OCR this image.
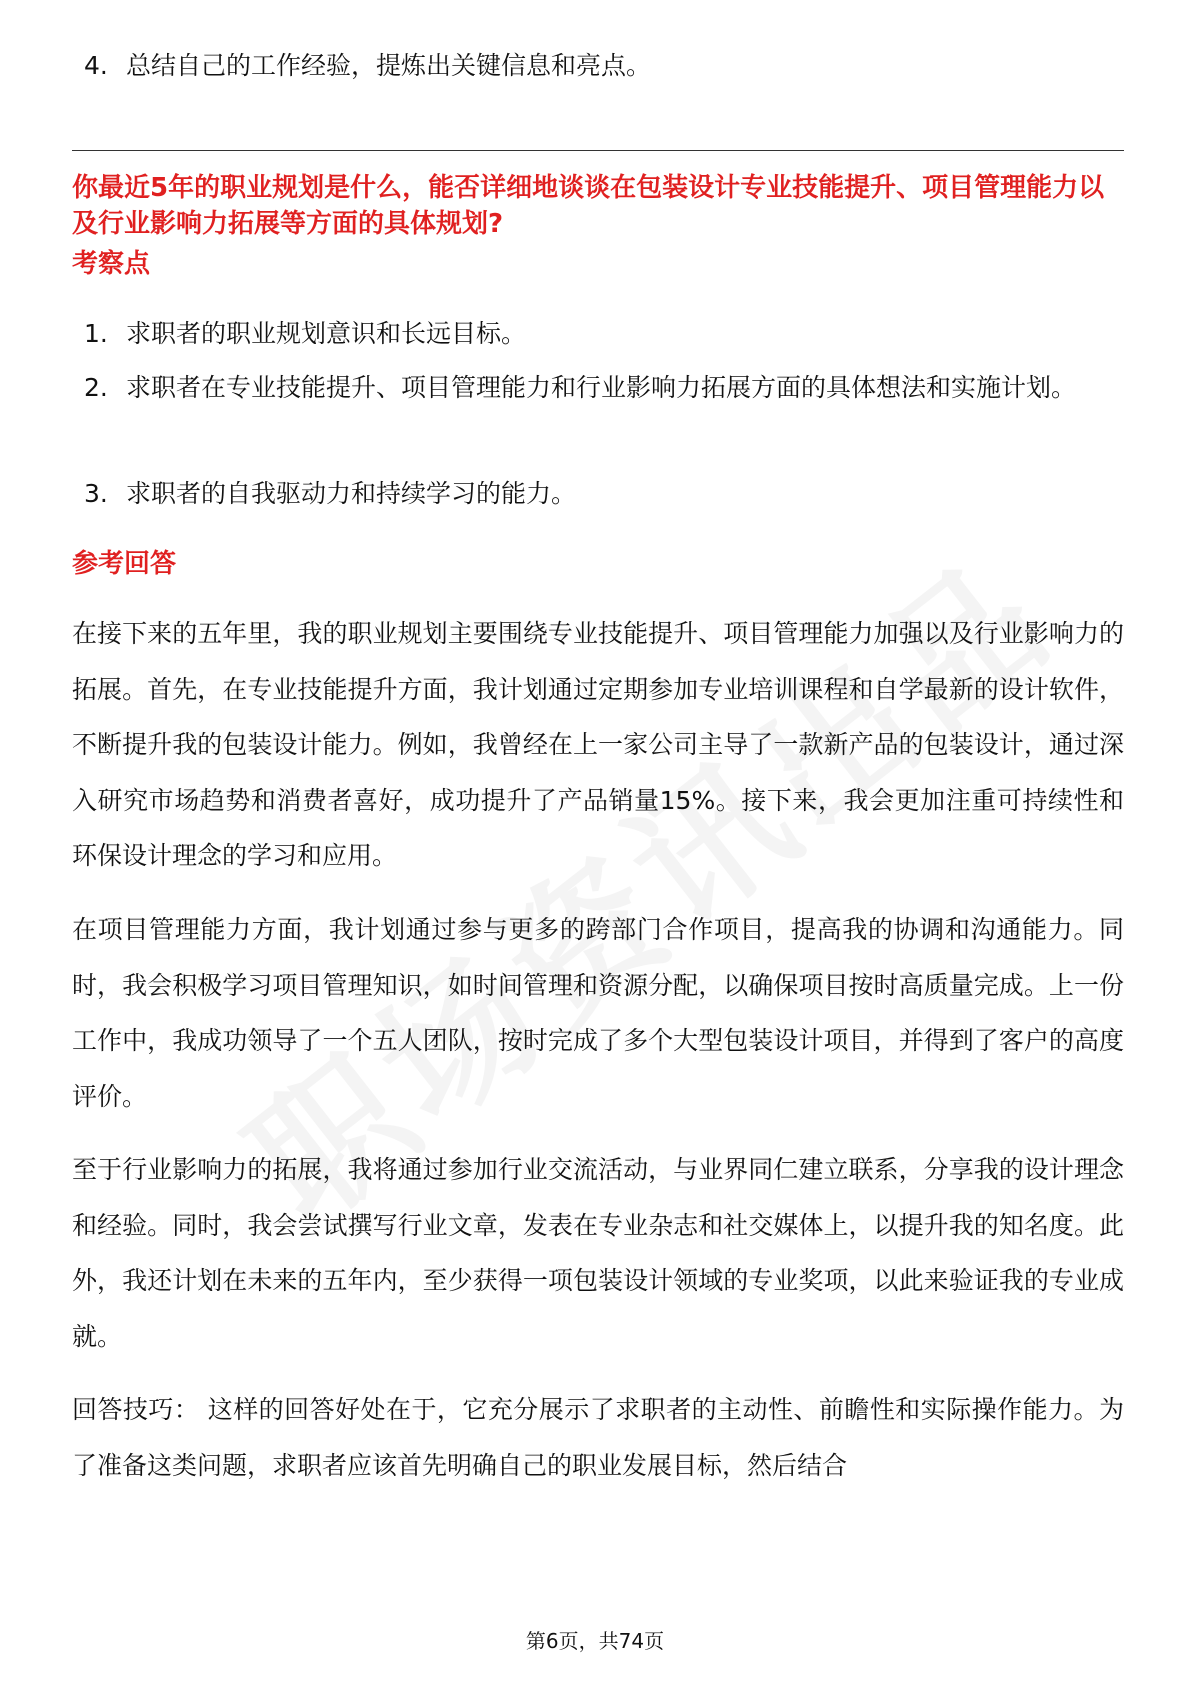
4. 总结自己的工作经验，提炼出关键信息和亮点。
你最近5年的职业规划是什么，能否详细地谈谈在包装设计专业技能提升、项目管理能力以及行业影响力拓展等方面的具体规划?
考察点
1. 求职者的职业规划意识和长远目标。
2. 求职者在专业技能提升、项目管理能力和行业影响力拓展方面的具体想法和实施计划。
3. 求职者的自我驱动力和持续学习的能力。
参考回答
在接下来的五年里，我的职业规划主要围绕专业技能提升、项目管理能力加强以及行业影响力的拓展。首先，在专业技能提升方面，我计划通过定期参加专业培训课程和自学最新的设计软件，不断提升我的包装设计能力。例如，我曾经在上一家公司主导了一款新产品的包装设计，通过深入研究市场趋势和消费者喜好，成功提升了产品销量15%。接下来，我会更加注重可持续性和环保设计理念的学习和应用。
在项目管理能力方面，我计划通过参与更多的跨部门合作项目，提高我的协调和沟通能力。同时，我会积极学习项目管理知识，如时间管理和资源分配，以确保项目按时高质量完成。上一份工作中，我成功领导了一个五人团队，按时完成了多个大型包装设计项目，并得到了客户的高度评价。
至于行业影响力的拓展，我将通过参加行业交流活动，与业界同仁建立联系，分享我的设计理念和经验。同时，我会尝试撰写行业文章，发表在专业杂志和社交媒体上，以提升我的知名度。此外，我还计划在未来的五年内，至少获得一项包装设计领域的专业奖项，以此来验证我的专业成就。
回答技巧： 这样的回答好处在于，它充分展示了求职者的主动性、前瞻性和实际操作能力。为了准备这类问题，求职者应该首先明确自己的职业发展目标，然后结合
第6页，共74页
